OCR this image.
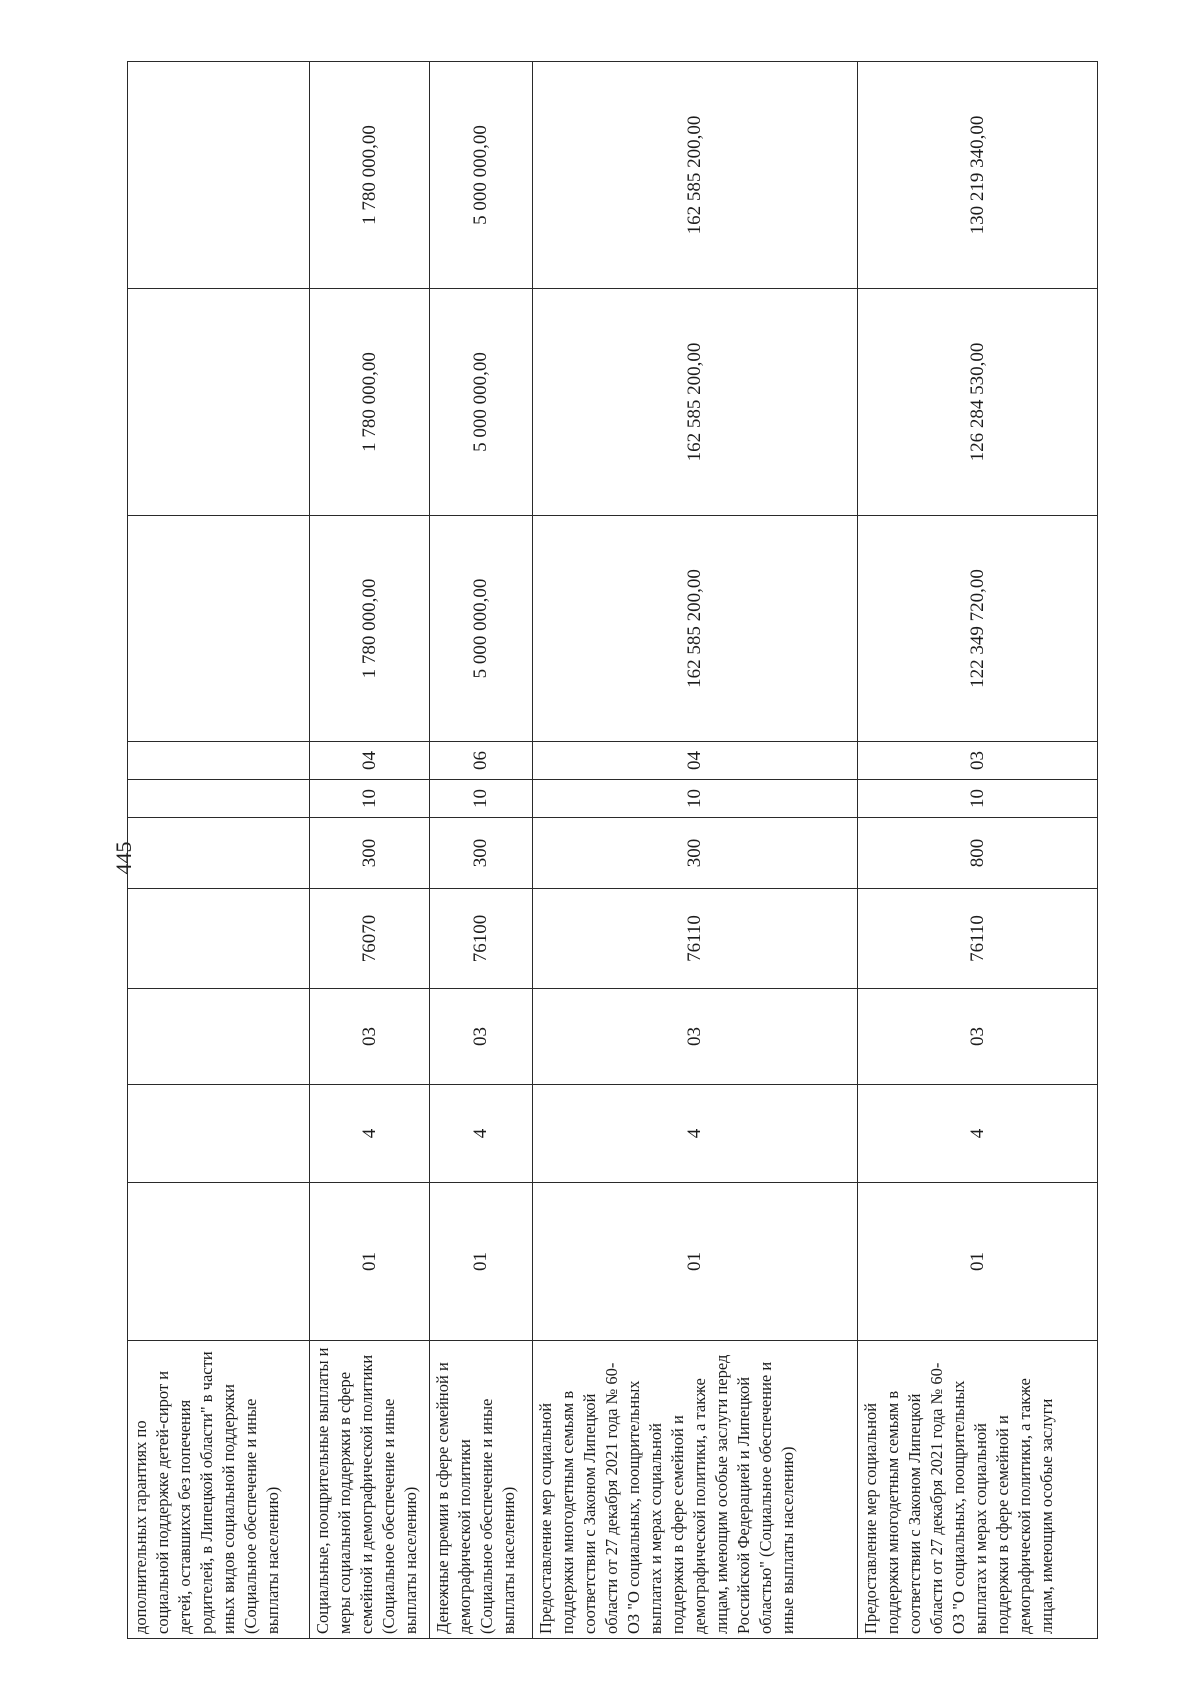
445
дополнительных гарантиях по социальной поддержке детей-сирот и детей, оставшихся без попечения родителей, в Липецкой области" в части иных видов социальной поддержки (Социальное обеспечение и иные выплаты населению)										
Социальные, поощрительные выплаты и меры социальной поддержки в сфере семейной и демографической политики (Социальное обеспечение и иные выплаты населению)	01	4	03	76070	300	10	04	1 780 000,00	1 780 000,00	1 780 000,00
Денежные премии в сфере семейной и демографической политики (Социальное обеспечение и иные выплаты населению)	01	4	03	76100	300	10	06	5 000 000,00	5 000 000,00	5 000 000,00
Предоставление мер социальной поддержки многодетным семьям в соответствии с Законом Липецкой области от 27 декабря 2021 года № 60-ОЗ "О социальных, поощрительных выплатах и мерах социальной поддержки в сфере семейной и демографической политики, а также лицам, имеющим особые заслуги перед Российской Федерацией и Липецкой областью" (Социальное обеспечение и иные выплаты населению)	01	4	03	76110	300	10	04	162 585 200,00	162 585 200,00	162 585 200,00
Предоставление мер социальной поддержки многодетным семьям в соответствии с Законом Липецкой области от 27 декабря 2021 года № 60-ОЗ "О социальных, поощрительных выплатах и мерах социальной поддержки в сфере семейной и демографической политики, а также лицам, имеющим особые заслуги	01	4	03	76110	800	10	03	122 349 720,00	126 284 530,00	130 219 340,00
